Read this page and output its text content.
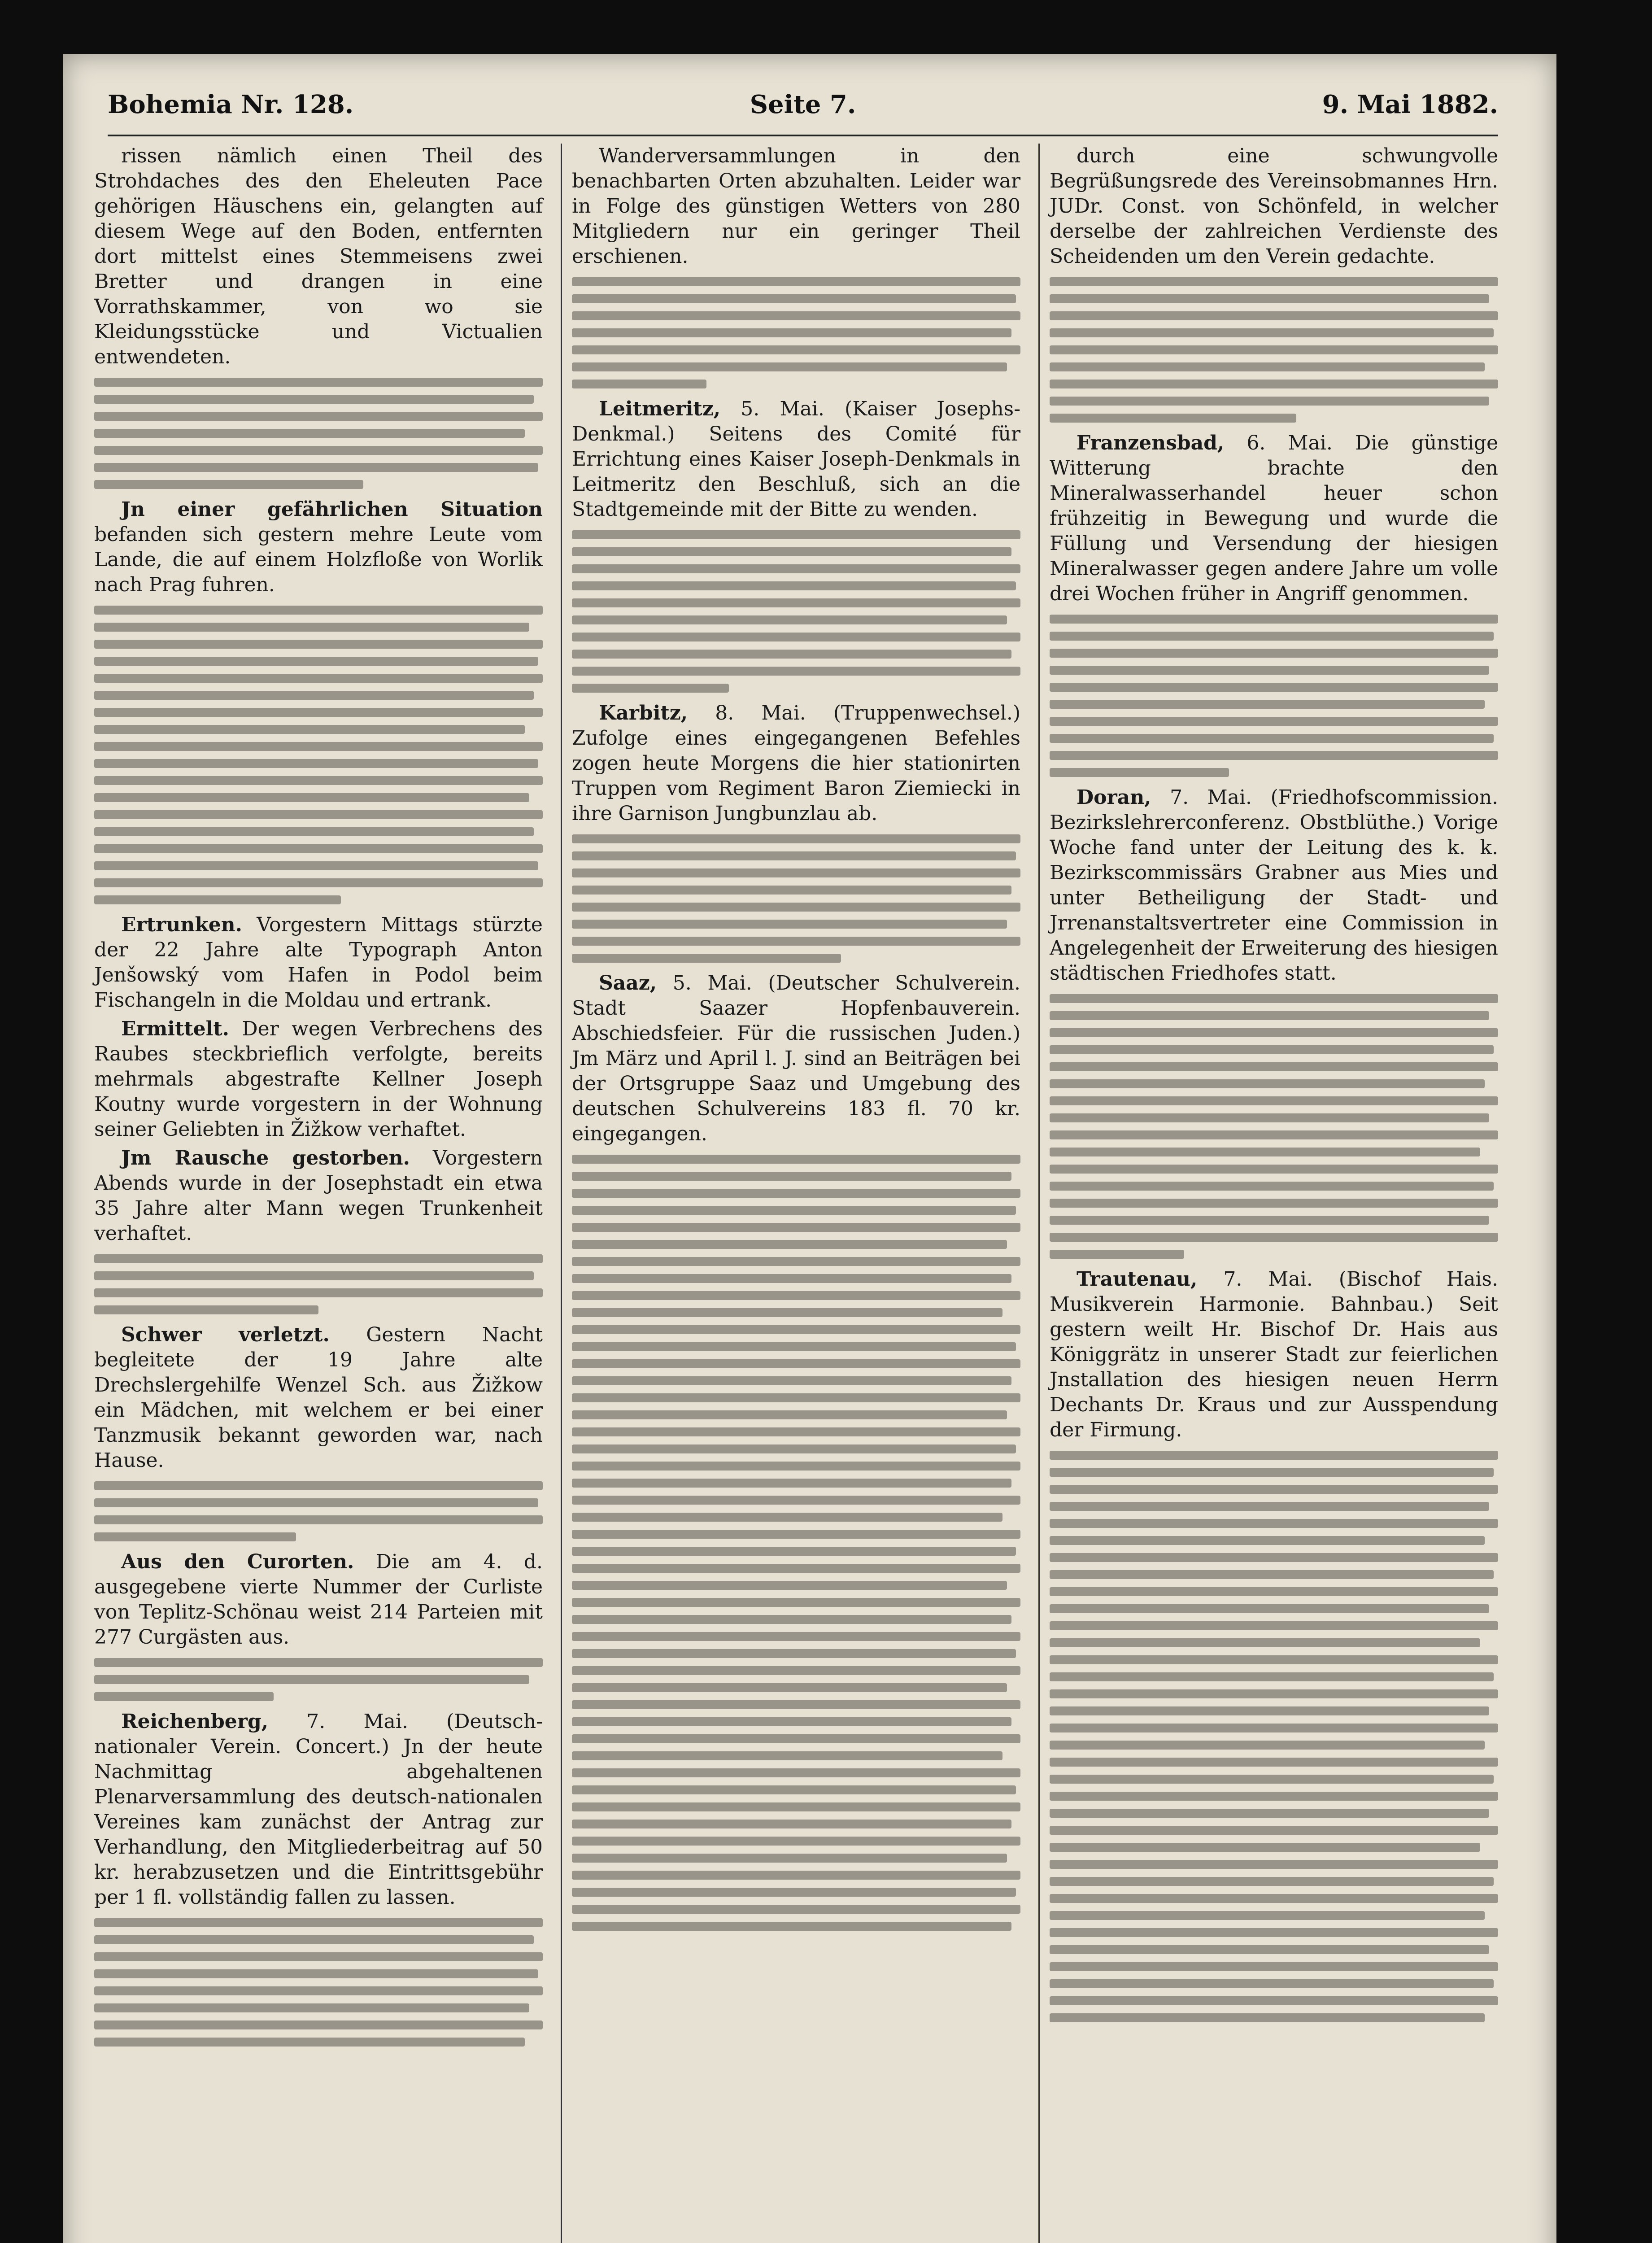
Bohemia Nr. 128.	Seite 7.	9. Mai 1882.

rissen nämlich einen Theil des Strohdaches des den Eheleuten Pace gehörigen Häuschens ein, gelangten auf diesem Wege auf den Boden, entfernten dort mittelst eines Stemmeisens zwei Bretter und drangen in eine Vorrathskammer, von wo sie Kleidungsstücke und Victualien entwendeten.

Jn einer gefährlichen Situation befanden sich gestern mehre Leute vom Lande, die auf einem Holzfloße von Worlik nach Prag fuhren.

Ertrunken. Vorgestern Mittags stürzte der 22 Jahre alte Typograph Anton Jenšowský vom Hafen in Podol beim Fischangeln in die Moldau und ertrank.

Ermittelt. Der wegen Verbrechens des Raubes steckbrieflich verfolgte, bereits mehrmals abgestrafte Kellner Joseph Koutny wurde vorgestern in der Wohnung seiner Geliebten in Žižkow verhaftet.

Jm Rausche gestorben. Vorgestern Abends wurde in der Josephstadt ein etwa 35 Jahre alter Mann wegen Trunkenheit verhaftet.

Schwer verletzt. Gestern Nacht begleitete der 19 Jahre alte Drechslergehilfe Wenzel Sch. aus Žižkow ein Mädchen, mit welchem er bei einer Tanzmusik bekannt geworden war, nach Hause.

Aus den Curorten. Die am 4. d. ausgegebene vierte Nummer der Curliste von Teplitz-Schönau weist 214 Parteien mit 277 Curgästen aus.

Reichenberg, 7. Mai. (Deutsch-nationaler Verein. Concert.) Jn der heute Nachmittag abgehaltenen Plenarversammlung des deutsch-nationalen Vereines kam zunächst der Antrag zur Verhandlung, den Mitgliederbeitrag auf 50 kr. herabzusetzen und die Eintrittsgebühr per 1 fl. vollständig fallen zu lassen.

Wanderversammlungen in den benachbarten Orten abzuhalten. Leider war in Folge des günstigen Wetters von 280 Mitgliedern nur ein geringer Theil erschienen.

Leitmeritz, 5. Mai. (Kaiser Josephs-Denkmal.) Seitens des Comité für Errichtung eines Kaiser Joseph-Denkmals in Leitmeritz den Beschluß, sich an die Stadtgemeinde mit der Bitte zu wenden.

Karbitz, 8. Mai. (Truppenwechsel.) Zufolge eines eingegangenen Befehles zogen heute Morgens die hier stationirten Truppen vom Regiment Baron Ziemiecki in ihre Garnison Jungbunzlau ab.

Saaz, 5. Mai. (Deutscher Schulverein. Stadt Saazer Hopfenbauverein. Abschiedsfeier. Für die russischen Juden.) Jm März und April l. J. sind an Beiträgen bei der Ortsgruppe Saaz und Umgebung des deutschen Schulvereins 183 fl. 70 kr. eingegangen.

durch eine schwungvolle Begrüßungsrede des Vereinsobmannes Hrn. JUDr. Const. von Schönfeld, in welcher derselbe der zahlreichen Verdienste des Scheidenden um den Verein gedachte.

Franzensbad, 6. Mai. Die günstige Witterung brachte den Mineralwasserhandel heuer schon frühzeitig in Bewegung und wurde die Füllung und Versendung der hiesigen Mineralwasser gegen andere Jahre um volle drei Wochen früher in Angriff genommen.

Doran, 7. Mai. (Friedhofscommission. Bezirkslehrerconferenz. Obstblüthe.) Vorige Woche fand unter der Leitung des k. k. Bezirkscommissärs Grabner aus Mies und unter Betheiligung der Stadt- und Jrrenanstaltsvertreter eine Commission in Angelegenheit der Erweiterung des hiesigen städtischen Friedhofes statt.

Trautenau, 7. Mai. (Bischof Hais. Musikverein Harmonie. Bahnbau.) Seit gestern weilt Hr. Bischof Dr. Hais aus Königgrätz in unserer Stadt zur feierlichen Jnstallation des hiesigen neuen Herrn Dechants Dr. Kraus und zur Ausspendung der Firmung.
